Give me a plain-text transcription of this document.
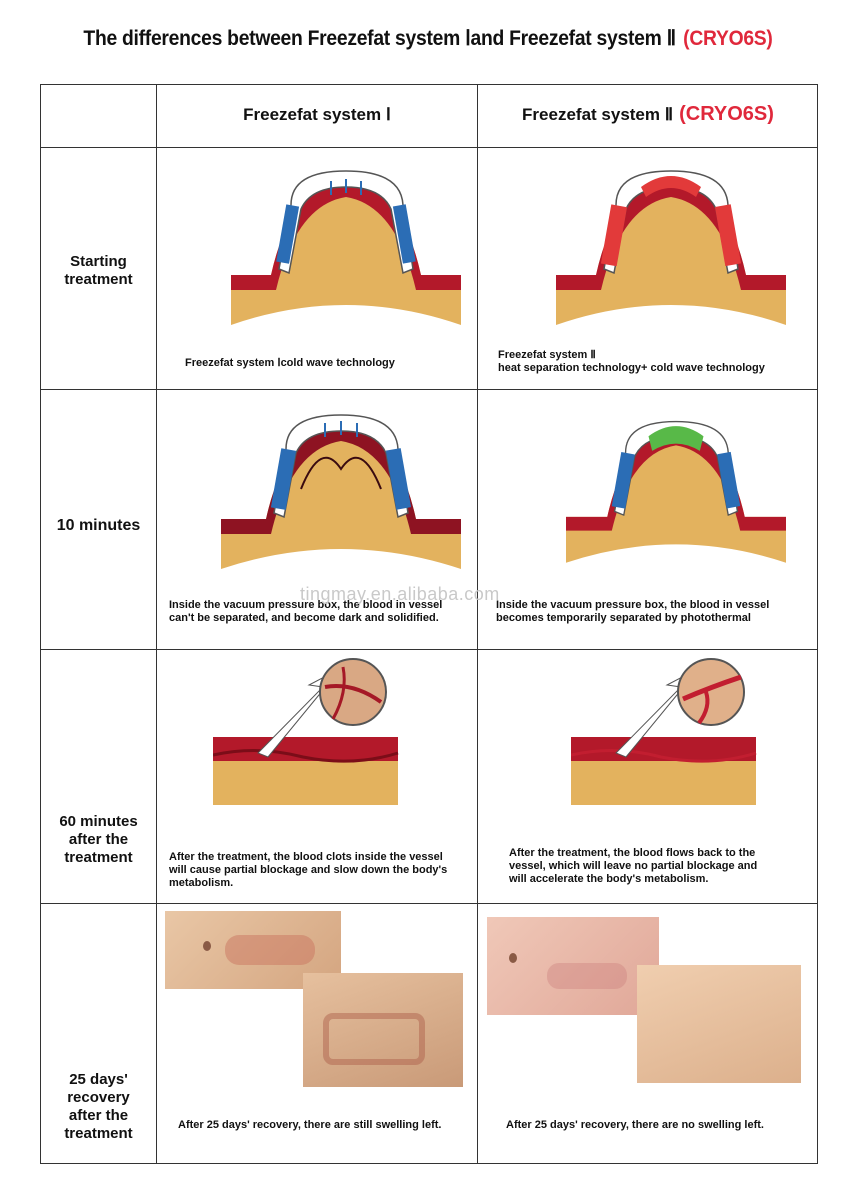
The differences between Freezefat system Ⅰand Freezefat system Ⅱ (CRYO6S)
Freezefat system Ⅰ	Freezefat system Ⅱ (CRYO6S)
Starting
treatment
10 minutes
60 minutes
after the
treatment
25 days'
recovery
after the
treatment
Freezefat system Ⅰcold wave technology
Freezefat system Ⅱ
heat separation technology+ cold wave technology
Inside the vacuum pressure box, the blood in vessel
can't be separated, and become dark and solidified.
Inside the vacuum pressure box, the blood in vessel
becomes temporarily separated by photothermal
After the treatment, the blood clots inside the vessel
will cause partial blockage and slow down the body's
metabolism.
After the treatment, the blood flows back to the
vessel, which will leave no partial blockage and
will accelerate the body's metabolism.
After 25 days' recovery, there are still swelling left.	After 25 days' recovery, there are no swelling left.
tingmay.en.alibaba.com
